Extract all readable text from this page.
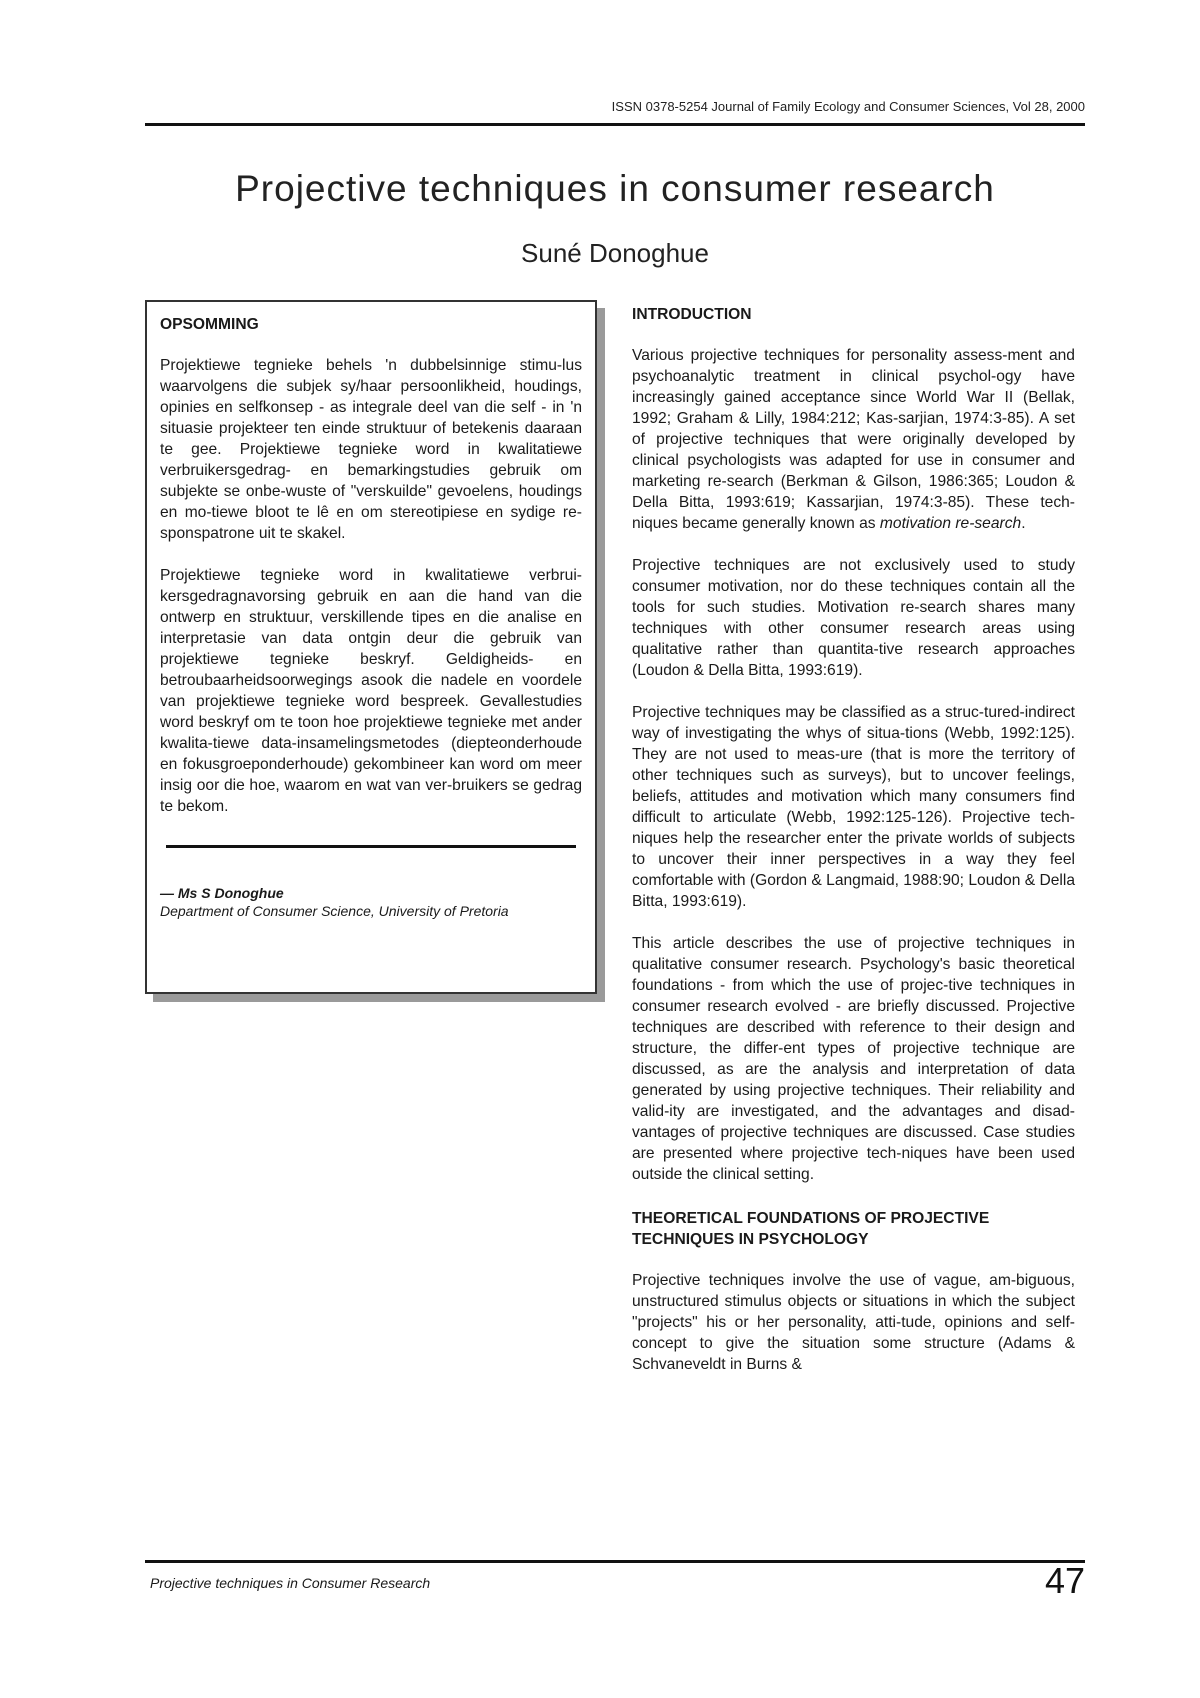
ISSN 0378-5254 Journal of Family Ecology and Consumer Sciences, Vol 28, 2000
Projective techniques in consumer research
Suné Donoghue
OPSOMMING

Projektiewe tegnieke behels 'n dubbelsinnige stimu-lus waarvolgens die subjek sy/haar persoonlikheid, houdings, opinies en selfkonsep - as integrale deel van die self - in 'n situasie projekteer ten einde struktuur of betekenis daaraan te gee. Projektiewe tegnieke word in kwalitatiewe verbruikersgedrag- en bemarkingstudies gebruik om subjekte se onbe-wuste of "verskuilde" gevoelens, houdings en mo-tiewe bloot te lê en om stereotipiese en sydige re-sponspatrone uit te skakel.

Projektiewe tegnieke word in kwalitatiewe verbrui-kersgedragnavorsing gebruik en aan die hand van die ontwerp en struktuur, verskillende tipes en die analise en interpretasie van data ontgin deur die gebruik van projektiewe tegnieke beskryf. Geldigheids- en betroubaarheidsoorwegings asook die nadele en voordele van projektiewe tegnieke word bespreek. Gevallestudies word beskryf om te toon hoe projektiewe tegnieke met ander kwalita-tiewe data-insamelingsmetodes (diepteonderhoude en fokusgroeponderhoude) gekombineer kan word om meer insig oor die hoe, waarom en wat van ver-bruikers se gedrag te bekom.

— Ms S Donoghue
Department of Consumer Science, University of Pretoria
INTRODUCTION

Various projective techniques for personality assess-ment and psychoanalytic treatment in clinical psychol-ogy have increasingly gained acceptance since World War II (Bellak, 1992; Graham & Lilly, 1984:212; Kas-sarjian, 1974:3-85). A set of projective techniques that were originally developed by clinical psychologists was adapted for use in consumer and marketing re-search (Berkman & Gilson, 1986:365; Loudon & Della Bitta, 1993:619; Kassarjian, 1974:3-85). These tech-niques became generally known as motivation re-search.

Projective techniques are not exclusively used to study consumer motivation, nor do these techniques contain all the tools for such studies. Motivation re-search shares many techniques with other consumer research areas using qualitative rather than quantita-tive research approaches (Loudon & Della Bitta, 1993:619).

Projective techniques may be classified as a struc-tured-indirect way of investigating the whys of situa-tions (Webb, 1992:125). They are not used to meas-ure (that is more the territory of other techniques such as surveys), but to uncover feelings, beliefs, attitudes and motivation which many consumers find difficult to articulate (Webb, 1992:125-126). Projective tech-niques help the researcher enter the private worlds of subjects to uncover their inner perspectives in a way they feel comfortable with (Gordon & Langmaid, 1988:90; Loudon & Della Bitta, 1993:619).

This article describes the use of projective techniques in qualitative consumer research. Psychology's basic theoretical foundations - from which the use of projec-tive techniques in consumer research evolved - are briefly discussed. Projective techniques are described with reference to their design and structure, the differ-ent types of projective technique are discussed, as are the analysis and interpretation of data generated by using projective techniques. Their reliability and valid-ity are investigated, and the advantages and disad-vantages of projective techniques are discussed. Case studies are presented where projective tech-niques have been used outside the clinical setting.

THEORETICAL FOUNDATIONS OF PROJECTIVE TECHNIQUES IN PSYCHOLOGY

Projective techniques involve the use of vague, am-biguous, unstructured stimulus objects or situations in which the subject "projects" his or her personality, atti-tude, opinions and self-concept to give the situation some structure (Adams & Schvaneveldt in Burns &

Projective techniques in Consumer Research	47
